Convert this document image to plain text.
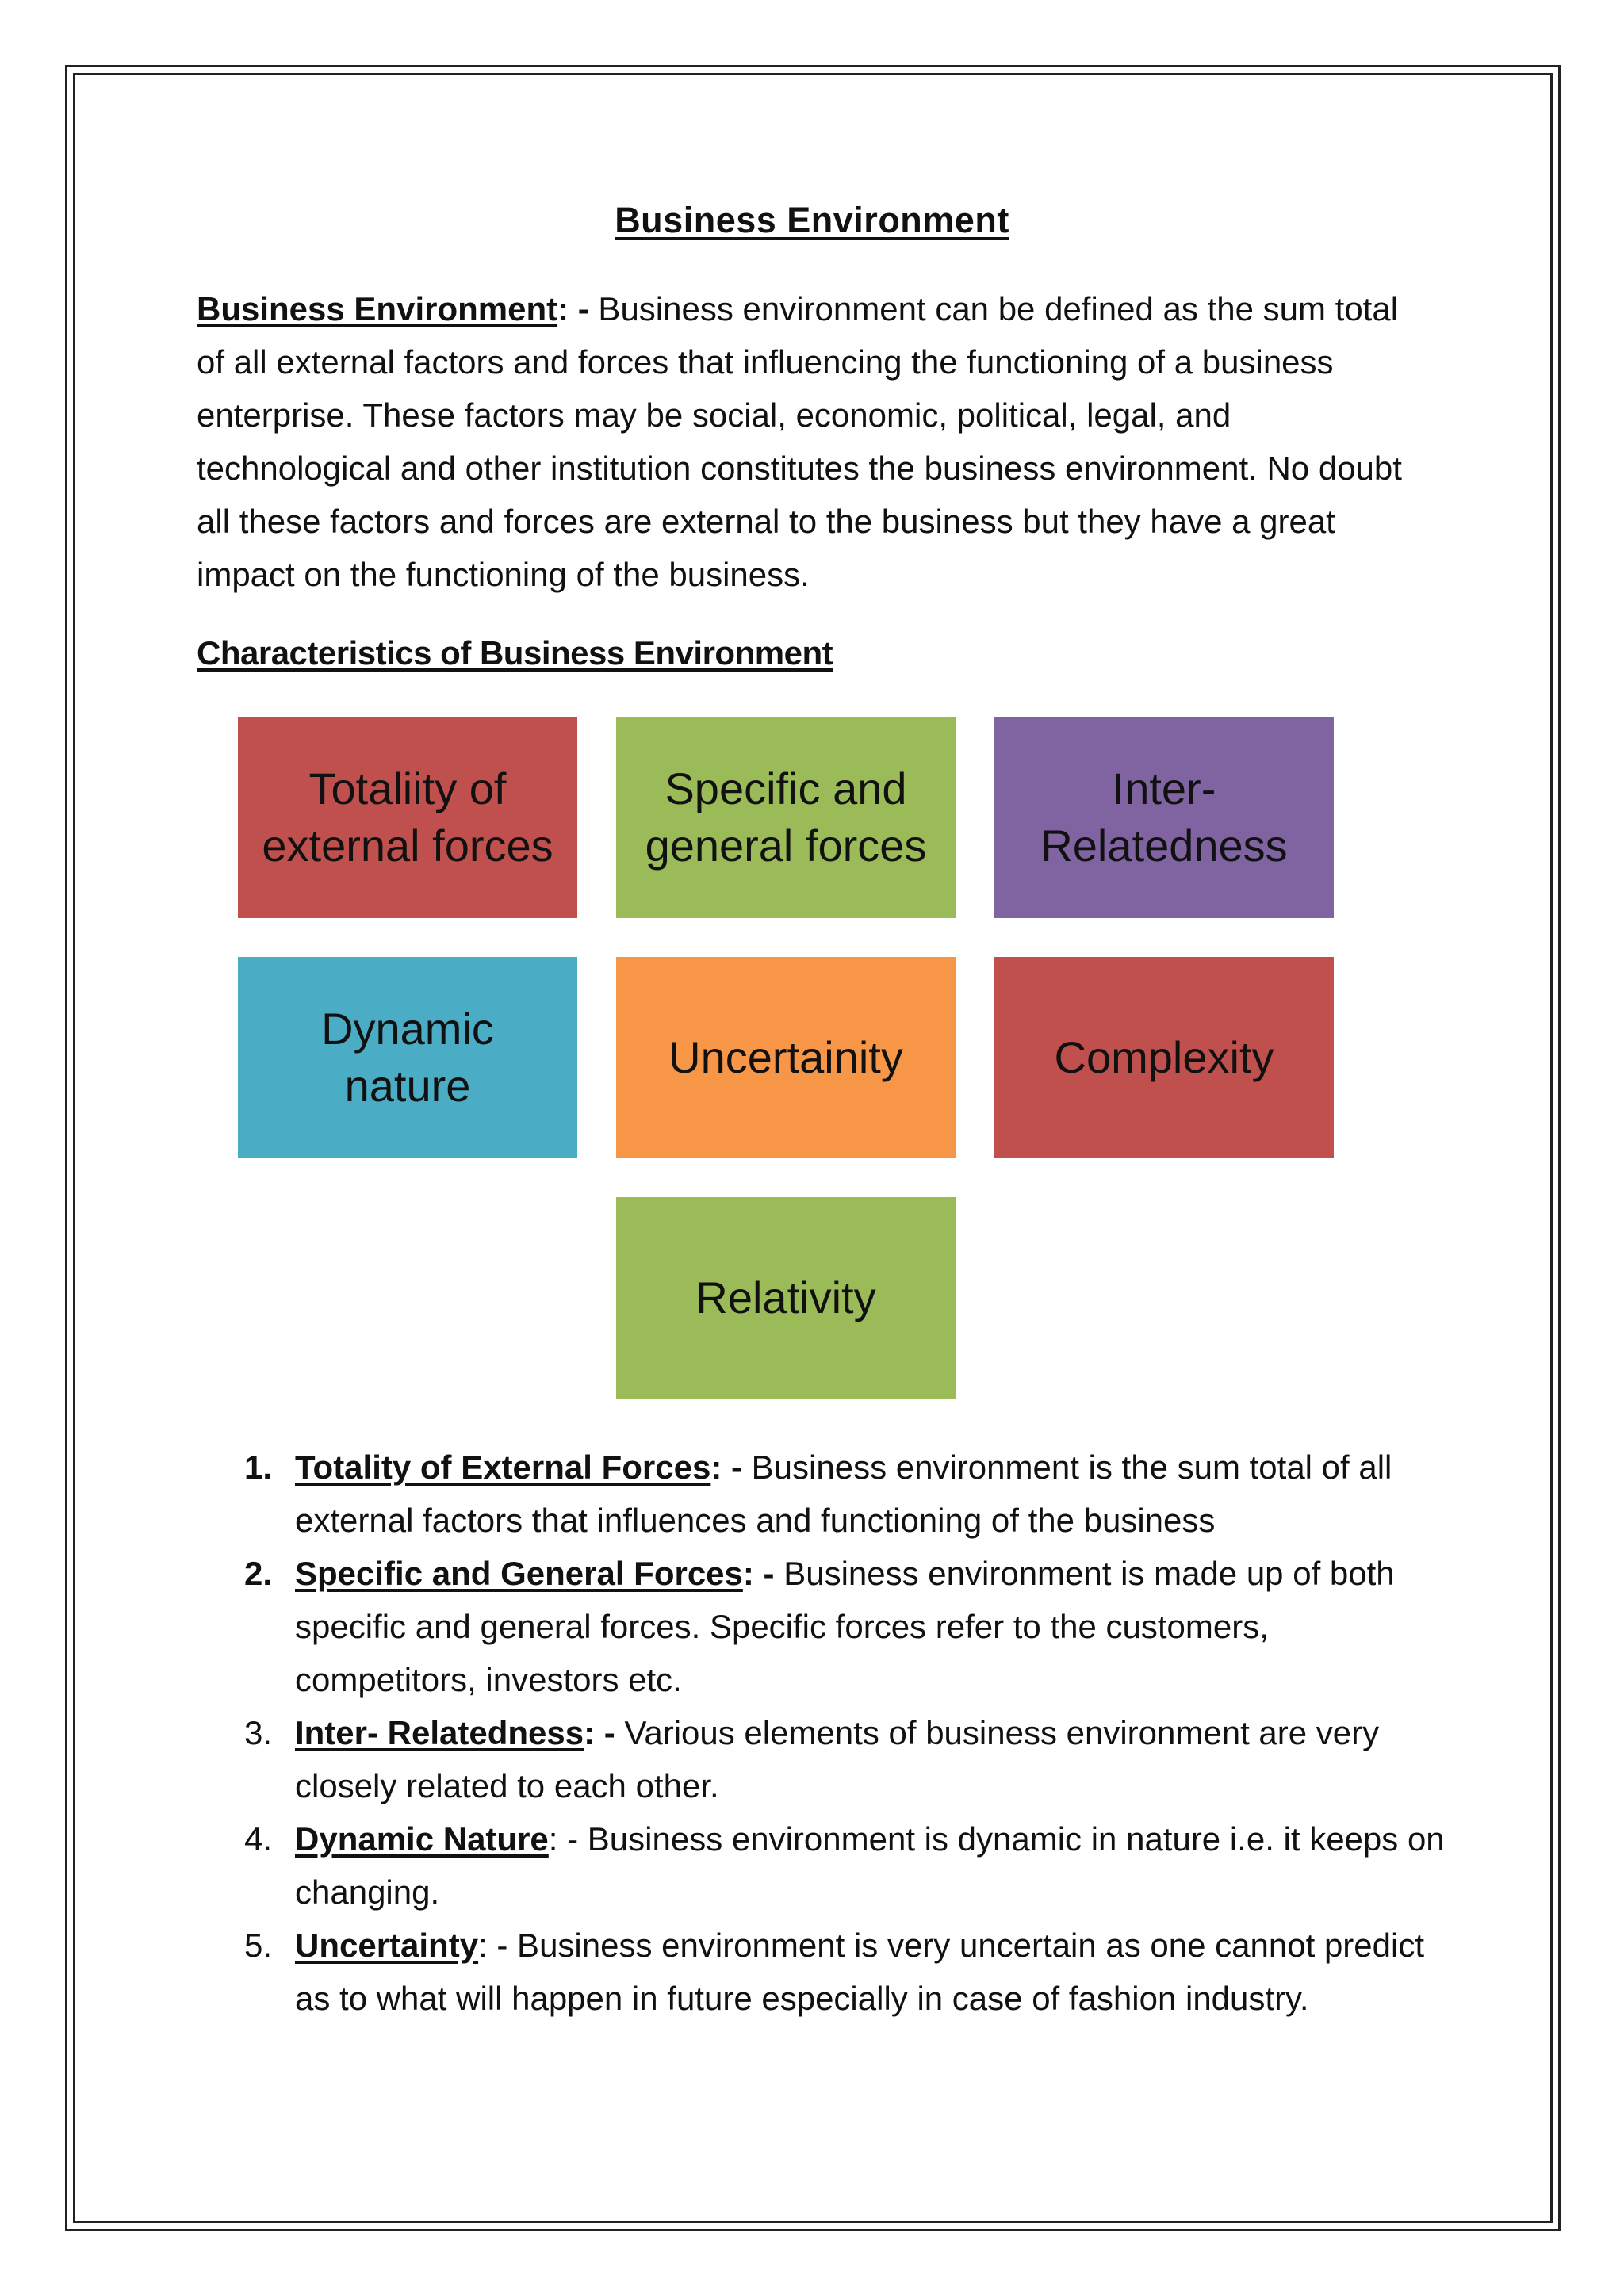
Business Environment

Business Environment: - Business environment can be defined as the sum total of all external factors and forces that influencing the functioning of a business enterprise. These factors may be social, economic, political, legal, and technological and other institution constitutes the business environment. No doubt all these factors and forces are external to the business but they have a great impact on the functioning of the business.

Characteristics of Business Environment
Totaliity of
external forces
Specific and
general forces
Inter-
Relatedness
Dynamic
nature
Uncertainity	Complexity
Relativity
1. Totality of External Forces: - Business environment is the sum total of all external factors that influences and functioning of the business
2. Specific and General Forces: - Business environment is made up of both specific and general forces. Specific forces refer to the customers, competitors, investors etc.
3. Inter- Relatedness: - Various elements of business environment are very closely related to each other.
4. Dynamic Nature: - Business environment is dynamic in nature i.e. it keeps on changing.
5. Uncertainty: - Business environment is very uncertain as one cannot predict as to what will happen in future especially in case of fashion industry.
